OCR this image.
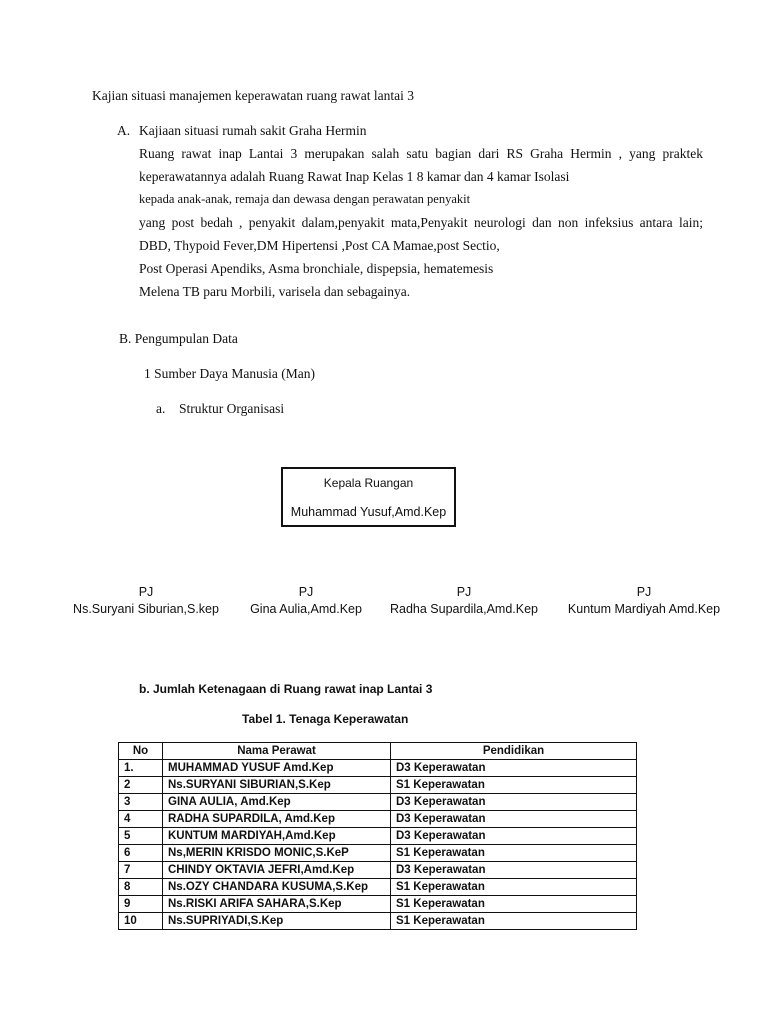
Kajian situasi manajemen keperawatan ruang rawat lantai 3
A. Kajiaan situasi rumah sakit Graha Hermin
Ruang rawat inap Lantai 3 merupakan salah satu bagian dari RS Graha Hermin , yang praktek
keperawatannya adalah Ruang Rawat Inap Kelas 1 8 kamar dan 4 kamar Isolasi
kepada anak-anak, remaja dan dewasa dengan perawatan penyakit
yang post bedah , penyakit dalam,penyakit mata,Penyakit neurologi dan non infeksius antara lain;
DBD, Thypoid Fever,DM Hipertensi ,Post CA Mamae,post Sectio,
Post Operasi Apendiks, Asma bronchiale, dispepsia, hematemesis
Melena TB paru Morbili, varisela dan sebagainya.
B. Pengumpulan Data
1 Sumber Daya Manusia (Man)
a. Struktur Organisasi
Kepala Ruangan
Muhammad Yusuf,Amd.Kep
PJ
Ns.Suryani Siburian,S.kep
PJ
Gina Aulia,Amd.Kep
PJ
Radha Supardila,Amd.Kep
PJ
Kuntum Mardiyah Amd.Kep
b. Jumlah Ketenagaan di Ruang rawat inap Lantai 3
Tabel 1. Tenaga Keperawatan
No	Nama Perawat	Pendidikan
1.	MUHAMMAD YUSUF Amd.Kep	D3 Keperawatan
2	Ns.SURYANI SIBURIAN,S.Kep	S1 Keperawatan
3	GINA AULIA, Amd.Kep	D3 Keperawatan
4	RADHA SUPARDILA, Amd.Kep	D3 Keperawatan
5	KUNTUM MARDIYAH,Amd.Kep	D3 Keperawatan
6	Ns,MERIN KRISDO MONIC,S.KeP	S1 Keperawatan
7	CHINDY OKTAVIA JEFRI,Amd.Kep	D3 Keperawatan
8	Ns.OZY CHANDARA KUSUMA,S.Kep	S1 Keperawatan
9	Ns.RISKI ARIFA SAHARA,S.Kep	S1 Keperawatan
10	Ns.SUPRIYADI,S.Kep	S1 Keperawatan
